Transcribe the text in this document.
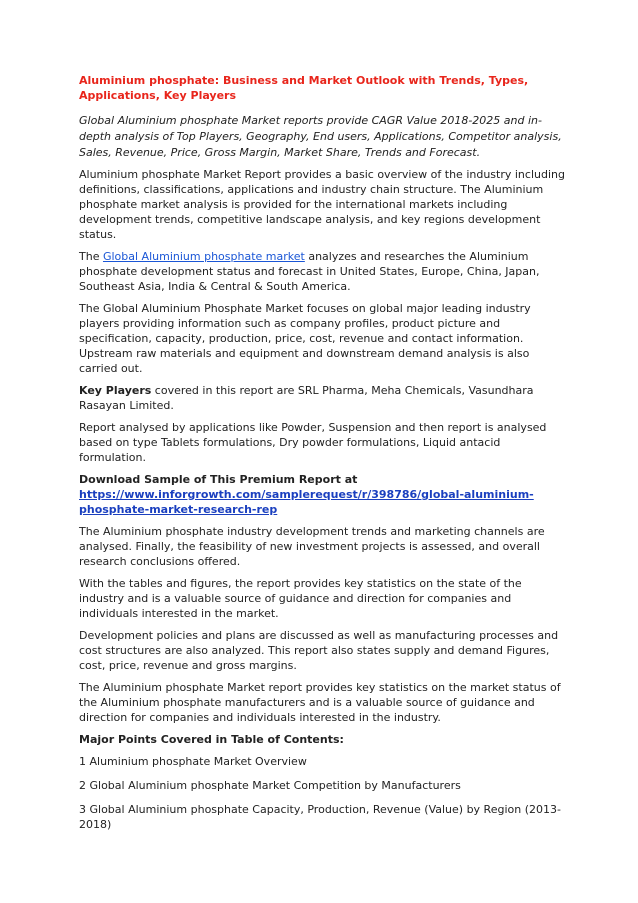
Aluminium phosphate: Business and Market Outlook with Trends, Types, Applications, Key Players
Global Aluminium phosphate Market reports provide CAGR Value 2018-2025 and in-depth analysis of Top Players, Geography, End users, Applications, Competitor analysis, Sales, Revenue, Price, Gross Margin, Market Share, Trends and Forecast.

Aluminium phosphate Market Report provides a basic overview of the industry including definitions, classifications, applications and industry chain structure. The Aluminium phosphate market analysis is provided for the international markets including development trends, competitive landscape analysis, and key regions development status.

The Global Aluminium phosphate market analyzes and researches the Aluminium phosphate development status and forecast in United States, Europe, China, Japan, Southeast Asia, India & Central & South America.

The Global Aluminium Phosphate Market focuses on global major leading industry players providing information such as company profiles, product picture and specification, capacity, production, price, cost, revenue and contact information. Upstream raw materials and equipment and downstream demand analysis is also carried out.

Key Players covered in this report are SRL Pharma, Meha Chemicals, Vasundhara Rasayan Limited.

Report analysed by applications like Powder, Suspension and then report is analysed based on type Tablets formulations, Dry powder formulations, Liquid antacid formulation.

Download Sample of This Premium Report at
https://www.inforgrowth.com/samplerequest/r/398786/global-aluminium-phosphate-market-research-rep

The Aluminium phosphate industry development trends and marketing channels are analysed. Finally, the feasibility of new investment projects is assessed, and overall research conclusions offered.

With the tables and figures, the report provides key statistics on the state of the industry and is a valuable source of guidance and direction for companies and individuals interested in the market.

Development policies and plans are discussed as well as manufacturing processes and cost structures are also analyzed. This report also states supply and demand Figures, cost, price, revenue and gross margins.

The Aluminium phosphate Market report provides key statistics on the market status of the Aluminium phosphate manufacturers and is a valuable source of guidance and direction for companies and individuals interested in the industry.

Major Points Covered in Table of Contents:

1 Aluminium phosphate Market Overview

2 Global Aluminium phosphate Market Competition by Manufacturers

3 Global Aluminium phosphate Capacity, Production, Revenue (Value) by Region (2013-2018)
